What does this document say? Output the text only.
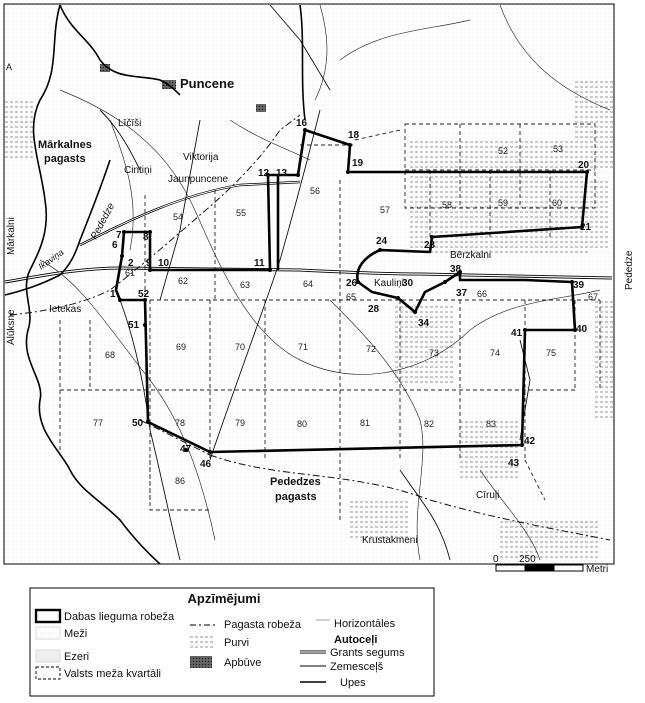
16
18
19	20
21
23
24
26
28
30
34
37
38
39
40
41
42
43
46
47
50
51
52
1
2
6
7 8
9 10	11
12 13
52	53
54	55
56
57	58	59	60
61
62	63	64
65	66	67
68
69	70	71	72	73	74	75
77	78	79	80	81	82	83
86
Puncene
Līčīši
Cintiņi
Viktorija
Jaunpuncene
Ietekas
Bērzkalni
Kauliņi
Cīruļi
Krustakmeni
A
Mārkalnes
pagasts
Pededzes
pagasts
Pededze
Ikaviņa
Mārkalni
Alūksne
Pededze
0 250
Metri
Apzīmējumi
Dabas lieguma robeža
Meži
Ezeri
Valsts meža kvartāli
Pagasta robeža
Purvi
Apbūve
Horizontāles
Autoceļi
Grants segums
Zemesceļš
Upes
